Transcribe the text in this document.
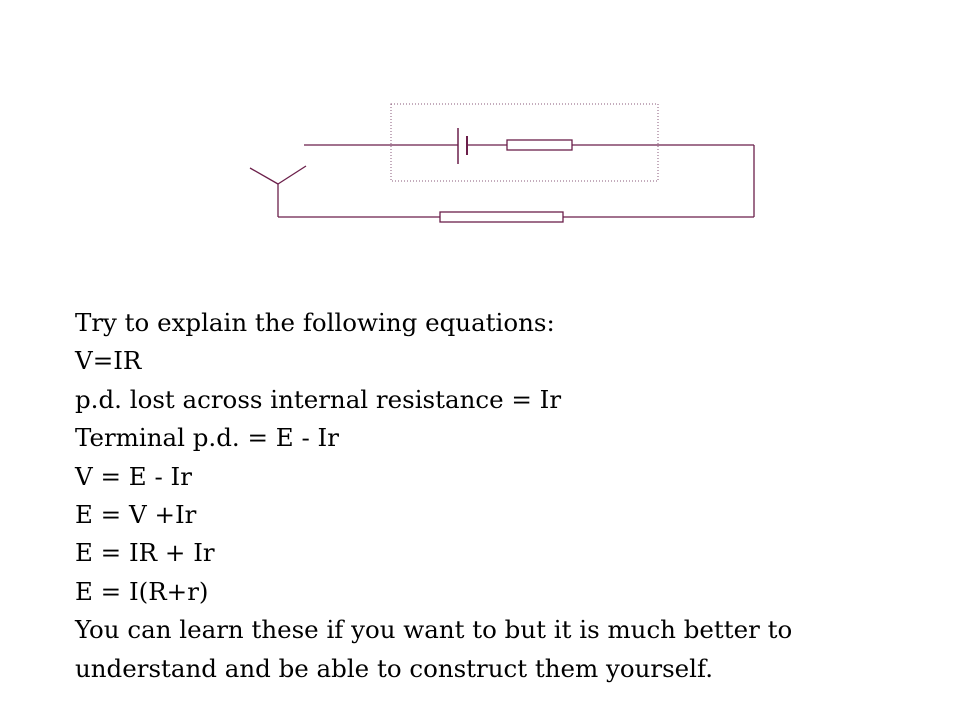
Try to explain the following equations:
V=IR
p.d. lost across internal resistance = Ir
Terminal p.d. = E - Ir
V = E - Ir
E = V +Ir
E = IR + Ir
E = I(R+r)
You can learn these if you want to but it is much better to
understand and be able to construct them yourself.
